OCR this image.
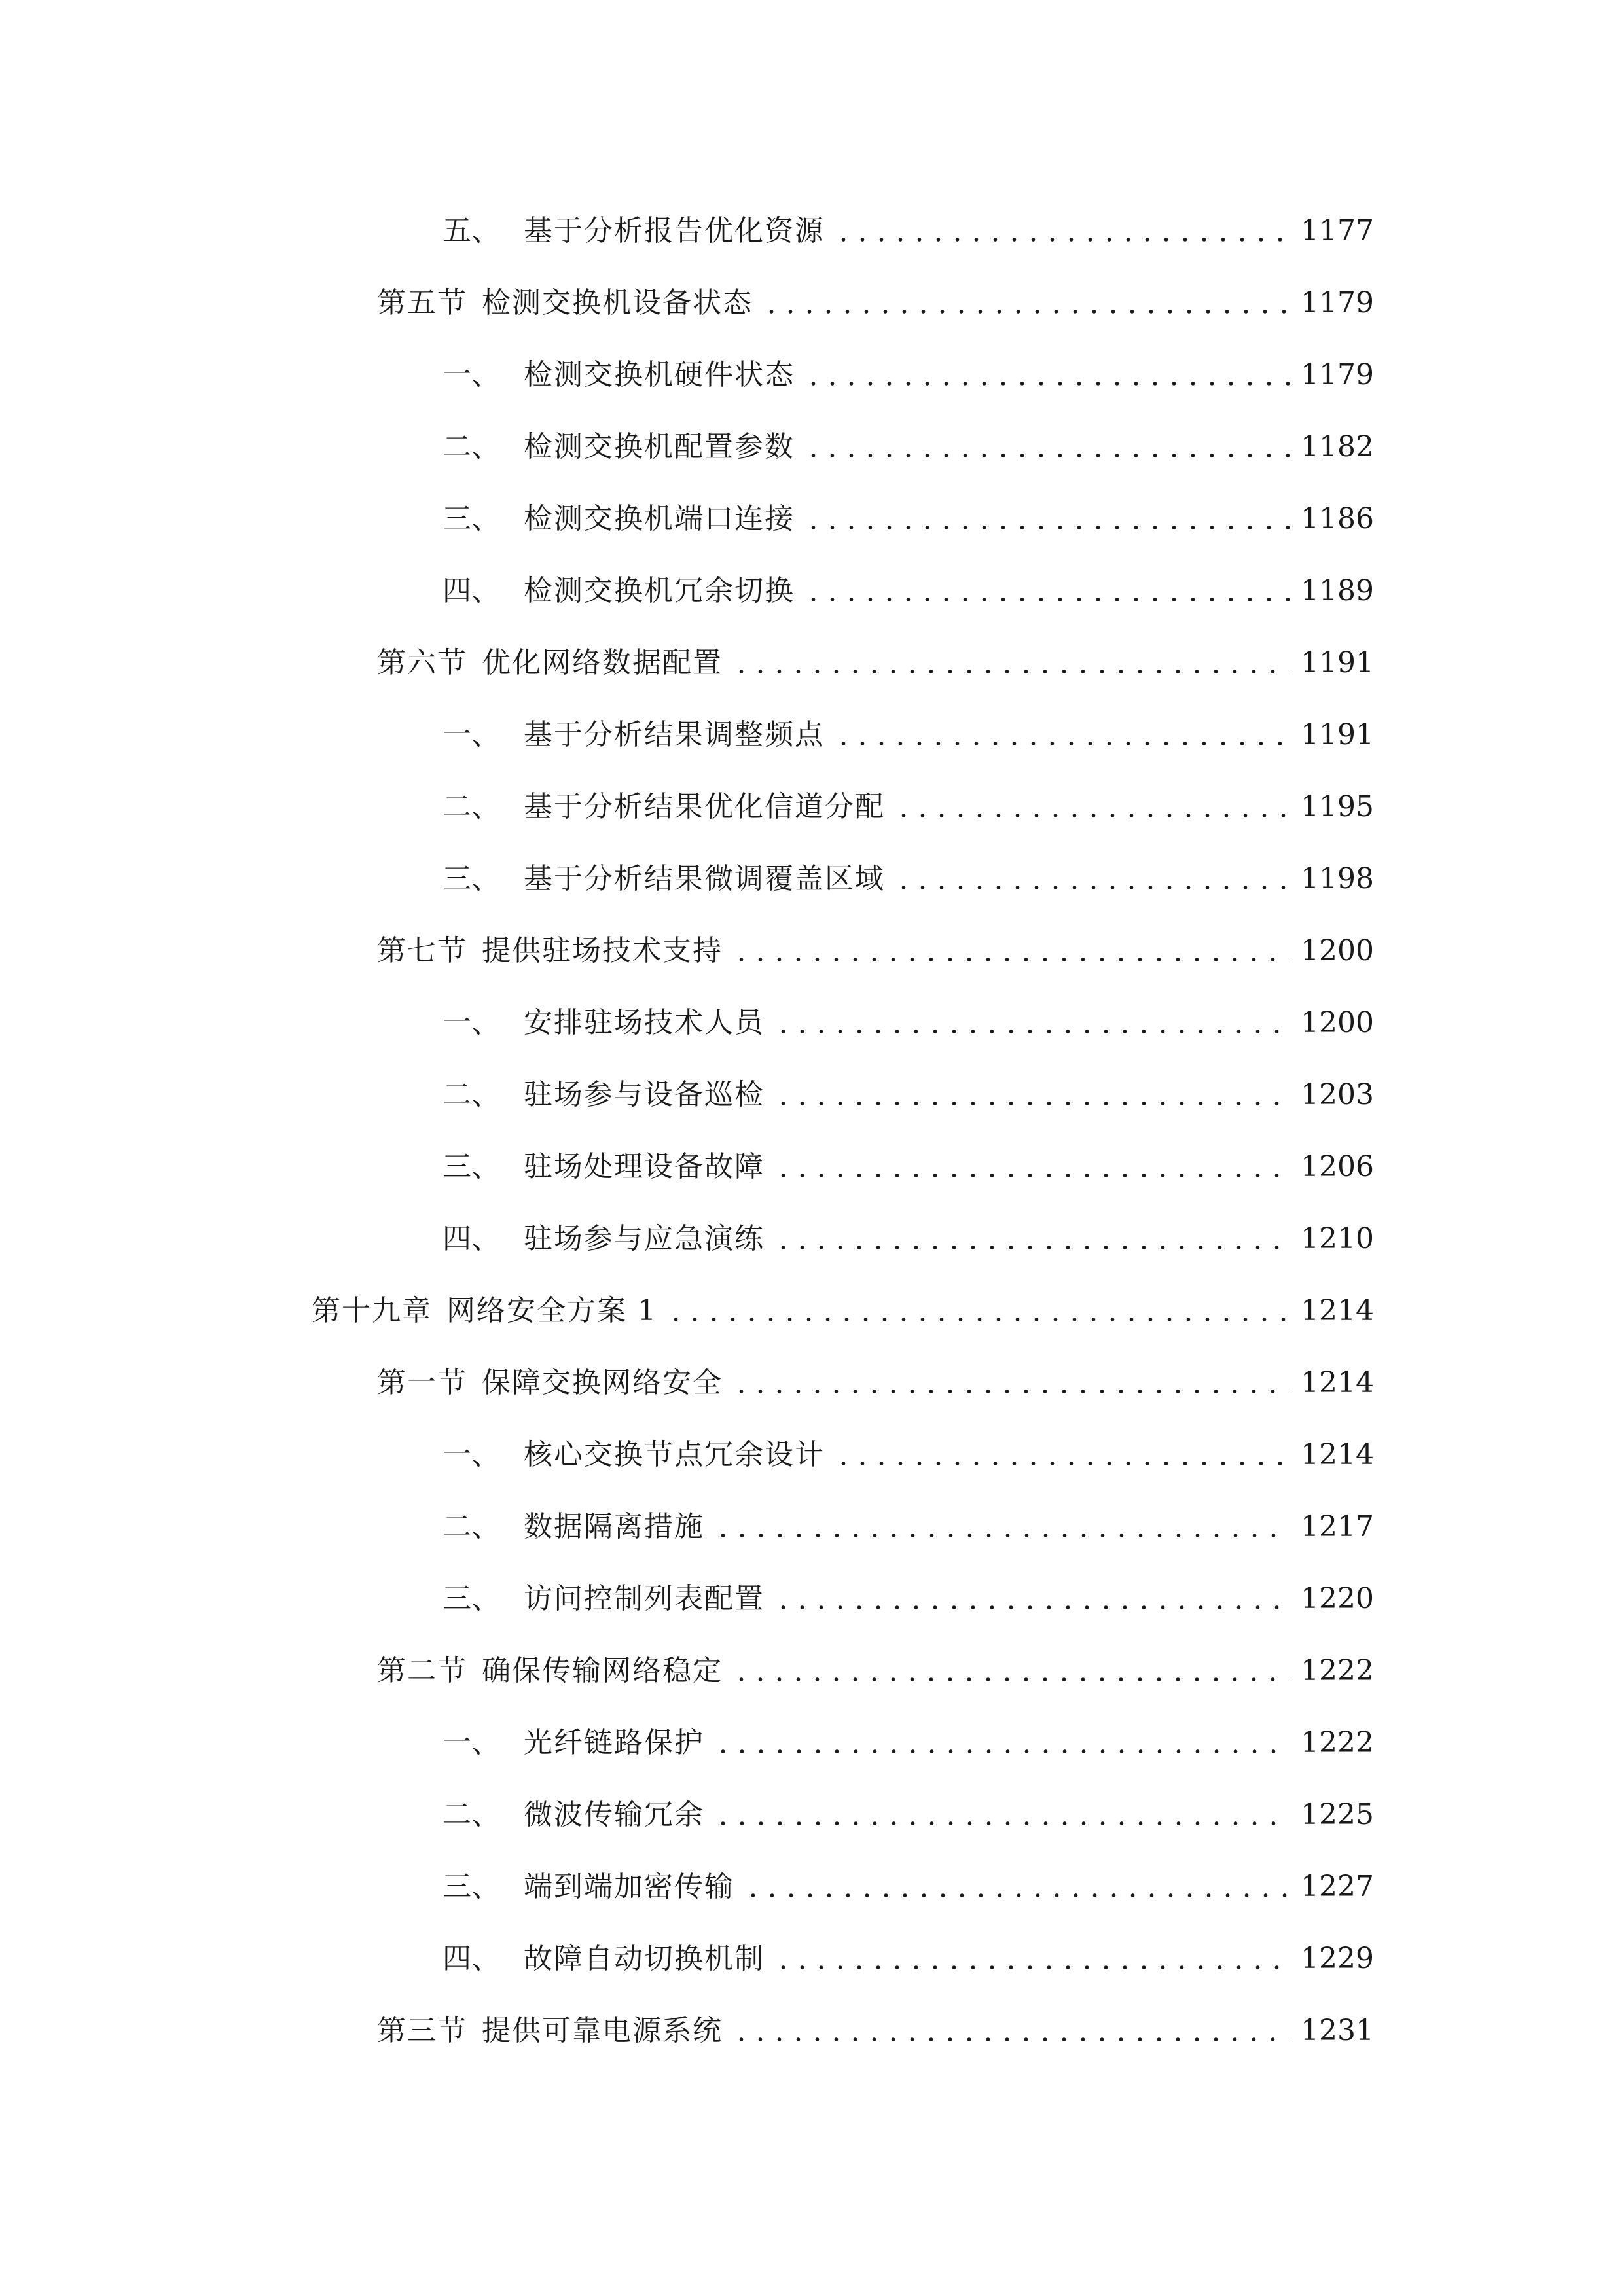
五、 基于分析报告优化资源	1177
第五节 检测交换机设备状态	1179
一、 检测交换机硬件状态	1179
二、 检测交换机配置参数	1182
三、 检测交换机端口连接	1186
四、 检测交换机冗余切换	1189
第六节 优化网络数据配置	1191
一、 基于分析结果调整频点	1191
二、 基于分析结果优化信道分配	1195
三、 基于分析结果微调覆盖区域	1198
第七节 提供驻场技术支持	1200
一、 安排驻场技术人员	1200
二、 驻场参与设备巡检	1203
三、 驻场处理设备故障	1206
四、 驻场参与应急演练	1210
第十九章 网络安全方案 1	1214
第一节 保障交换网络安全	1214
一、 核心交换节点冗余设计	1214
二、 数据隔离措施	1217
三、 访问控制列表配置	1220
第二节 确保传输网络稳定	1222
一、 光纤链路保护	1222
二、 微波传输冗余	1225
三、 端到端加密传输	1227
四、 故障自动切换机制	1229
第三节 提供可靠电源系统	1231
